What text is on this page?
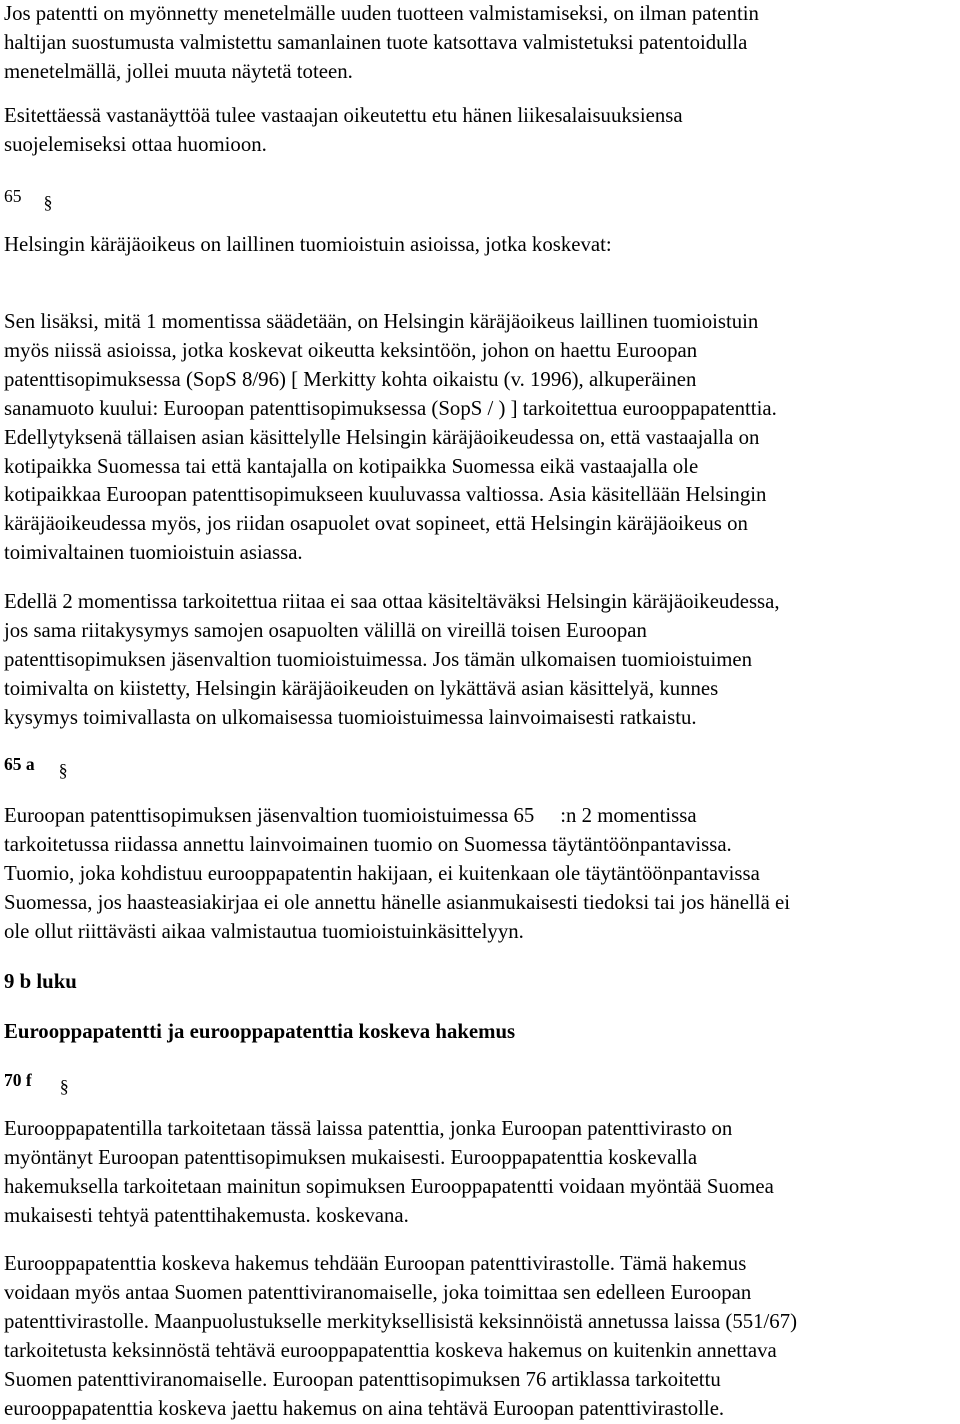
Jos patentti on myönnetty menetelmälle uuden tuotteen valmistamiseksi, on ilman patentin
haltijan suostumusta valmistettu samanlainen tuote katsottava valmistetuksi patentoidulla
menetelmällä, jollei muuta näytetä toteen.
Esitettäessä vastanäyttöä tulee vastaajan oikeutettu etu hänen liikesalaisuuksiensa
suojelemiseksi ottaa huomioon.
65 §
Helsingin käräjäoikeus on laillinen tuomioistuin asioissa, jotka koskevat:
Sen lisäksi, mitä 1 momentissa säädetään, on Helsingin käräjäoikeus laillinen tuomioistuin
myös niissä asioissa, jotka koskevat oikeutta keksintöön, johon on haettu Euroopan
patenttisopimuksessa (SopS 8/96) [ Merkitty kohta oikaistu (v. 1996), alkuperäinen
sanamuoto kuului: Euroopan patenttisopimuksessa (SopS / ) ] tarkoitettua eurooppapatenttia.
Edellytyksenä tällaisen asian käsittelylle Helsingin käräjäoikeudessa on, että vastaajalla on
kotipaikka Suomessa tai että kantajalla on kotipaikka Suomessa eikä vastaajalla ole
kotipaikkaa Euroopan patenttisopimukseen kuuluvassa valtiossa. Asia käsitellään Helsingin
käräjäoikeudessa myös, jos riidan osapuolet ovat sopineet, että Helsingin käräjäoikeus on
toimivaltainen tuomioistuin asiassa.
Edellä 2 momentissa tarkoitettua riitaa ei saa ottaa käsiteltäväksi Helsingin käräjäoikeudessa,
jos sama riitakysymys samojen osapuolten välillä on vireillä toisen Euroopan
patenttisopimuksen jäsenvaltion tuomioistuimessa. Jos tämän ulkomaisen tuomioistuimen
toimivalta on kiistetty, Helsingin käräjäoikeuden on lykättävä asian käsittelyä, kunnes
kysymys toimivallasta on ulkomaisessa tuomioistuimessa lainvoimaisesti ratkaistu.
65 a §
Euroopan patenttisopimuksen jäsenvaltion tuomioistuimessa 65 :n 2 momentissa
tarkoitetussa riidassa annettu lainvoimainen tuomio on Suomessa täytäntöönpantavissa.
Tuomio, joka kohdistuu eurooppapatentin hakijaan, ei kuitenkaan ole täytäntöönpantavissa
Suomessa, jos haasteasiakirjaa ei ole annettu hänelle asianmukaisesti tiedoksi tai jos hänellä ei
ole ollut riittävästi aikaa valmistautua tuomioistuinkäsittelyyn.
9 b luku
Eurooppapatentti ja eurooppapatenttia koskeva hakemus
70 f §
Eurooppapatentilla tarkoitetaan tässä laissa patenttia, jonka Euroopan patenttivirasto on
myöntänyt Euroopan patenttisopimuksen mukaisesti. Eurooppapatenttia koskevalla
hakemuksella tarkoitetaan mainitun sopimuksen Eurooppapatentti voidaan myöntää Suomea
mukaisesti tehtyä patenttihakemusta. koskevana.
Eurooppapatenttia koskeva hakemus tehdään Euroopan patenttivirastolle. Tämä hakemus
voidaan myös antaa Suomen patenttiviranomaiselle, joka toimittaa sen edelleen Euroopan
patenttivirastolle. Maanpuolustukselle merkityksellisistä keksinnöistä annetussa laissa (551/67)
tarkoitetusta keksinnöstä tehtävä eurooppapatenttia koskeva hakemus on kuitenkin annettava
Suomen patenttiviranomaiselle. Euroopan patenttisopimuksen 76 artiklassa tarkoitettu
eurooppapatenttia koskeva jaettu hakemus on aina tehtävä Euroopan patenttivirastolle.
